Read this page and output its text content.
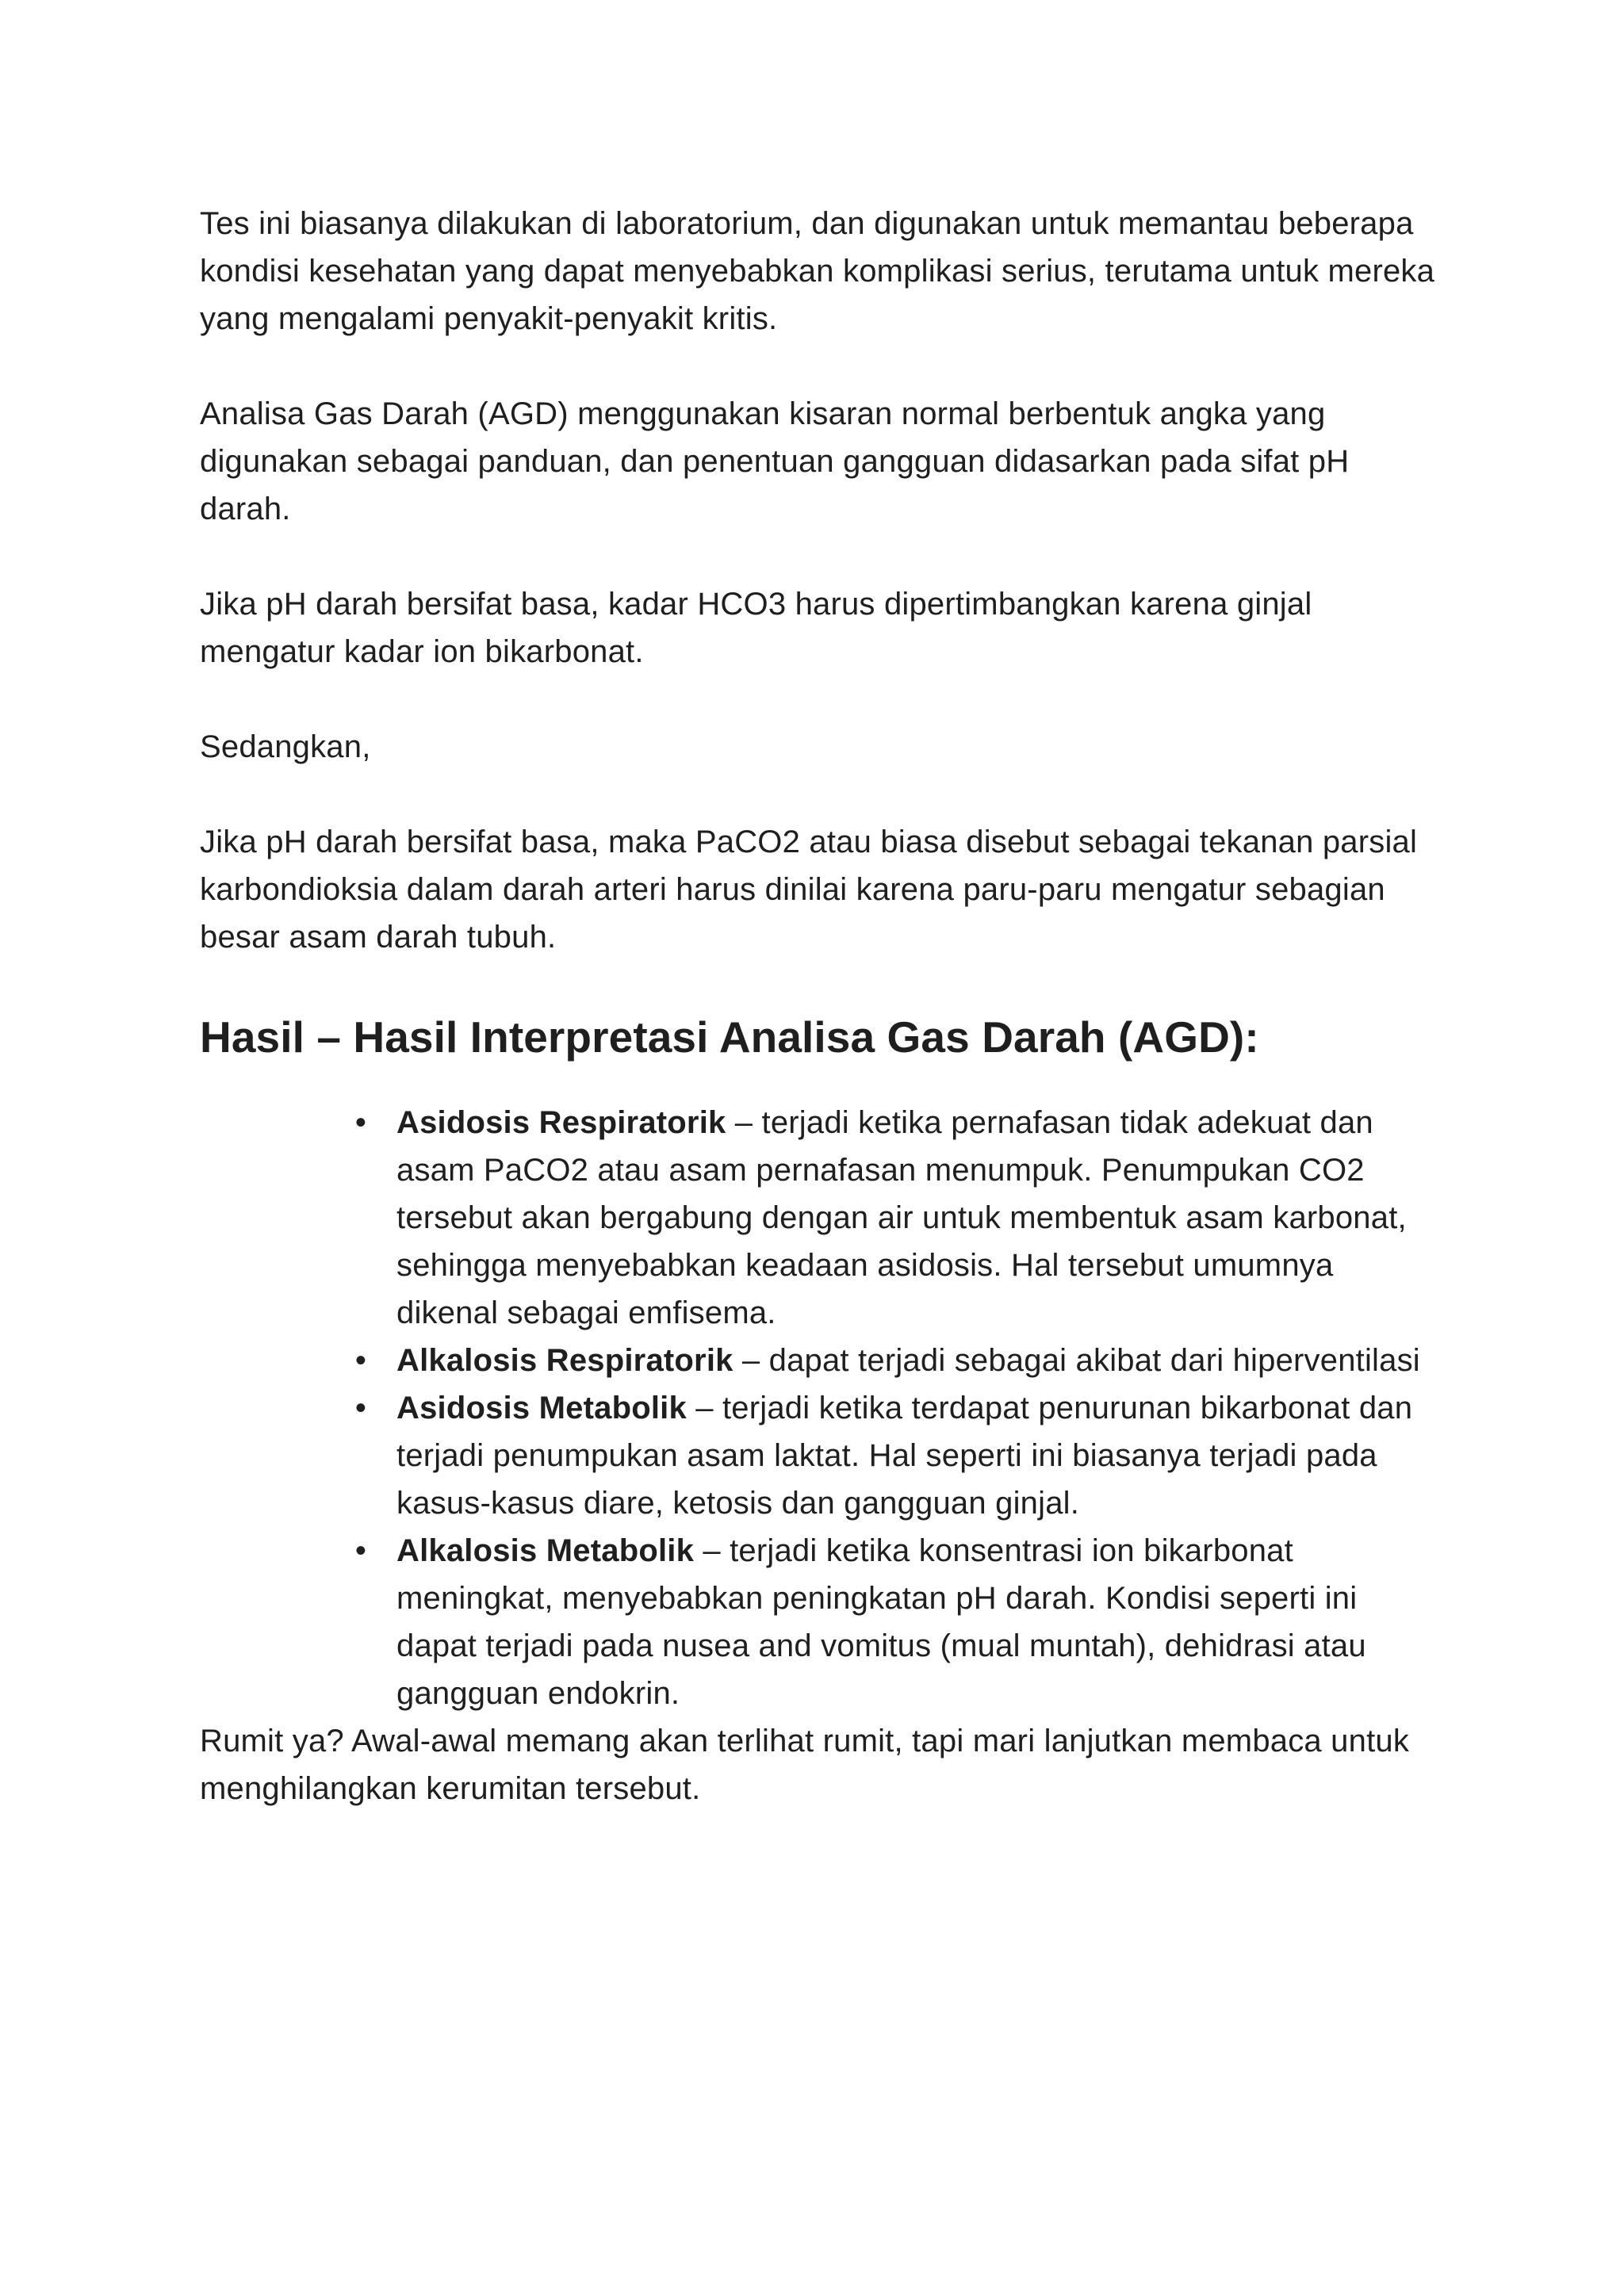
Tes ini biasanya dilakukan di laboratorium, dan digunakan untuk memantau beberapa kondisi kesehatan yang dapat menyebabkan komplikasi serius, terutama untuk mereka yang mengalami penyakit-penyakit kritis.

Analisa Gas Darah (AGD) menggunakan kisaran normal berbentuk angka yang digunakan sebagai panduan, dan penentuan gangguan didasarkan pada sifat pH darah.

Jika pH darah bersifat basa, kadar HCO3 harus dipertimbangkan karena ginjal mengatur kadar ion bikarbonat.

Sedangkan,

Jika pH darah bersifat basa, maka PaCO2 atau biasa disebut sebagai tekanan parsial karbondioksia dalam darah arteri harus dinilai karena paru-paru mengatur sebagian besar asam darah tubuh.

Hasil – Hasil Interpretasi Analisa Gas Darah (AGD):
• Asidosis Respiratorik – terjadi ketika pernafasan tidak adekuat dan asam PaCO2 atau asam pernafasan menumpuk. Penumpukan CO2 tersebut akan bergabung dengan air untuk membentuk asam karbonat, sehingga menyebabkan keadaan asidosis. Hal tersebut umumnya dikenal sebagai emfisema.
• Alkalosis Respiratorik – dapat terjadi sebagai akibat dari hiperventilasi
• Asidosis Metabolik – terjadi ketika terdapat penurunan bikarbonat dan terjadi penumpukan asam laktat. Hal seperti ini biasanya terjadi pada kasus-kasus diare, ketosis dan gangguan ginjal.
• Alkalosis Metabolik – terjadi ketika konsentrasi ion bikarbonat meningkat, menyebabkan peningkatan pH darah. Kondisi seperti ini dapat terjadi pada nusea and vomitus (mual muntah), dehidrasi atau gangguan endokrin.

Rumit ya? Awal-awal memang akan terlihat rumit, tapi mari lanjutkan membaca untuk menghilangkan kerumitan tersebut.
